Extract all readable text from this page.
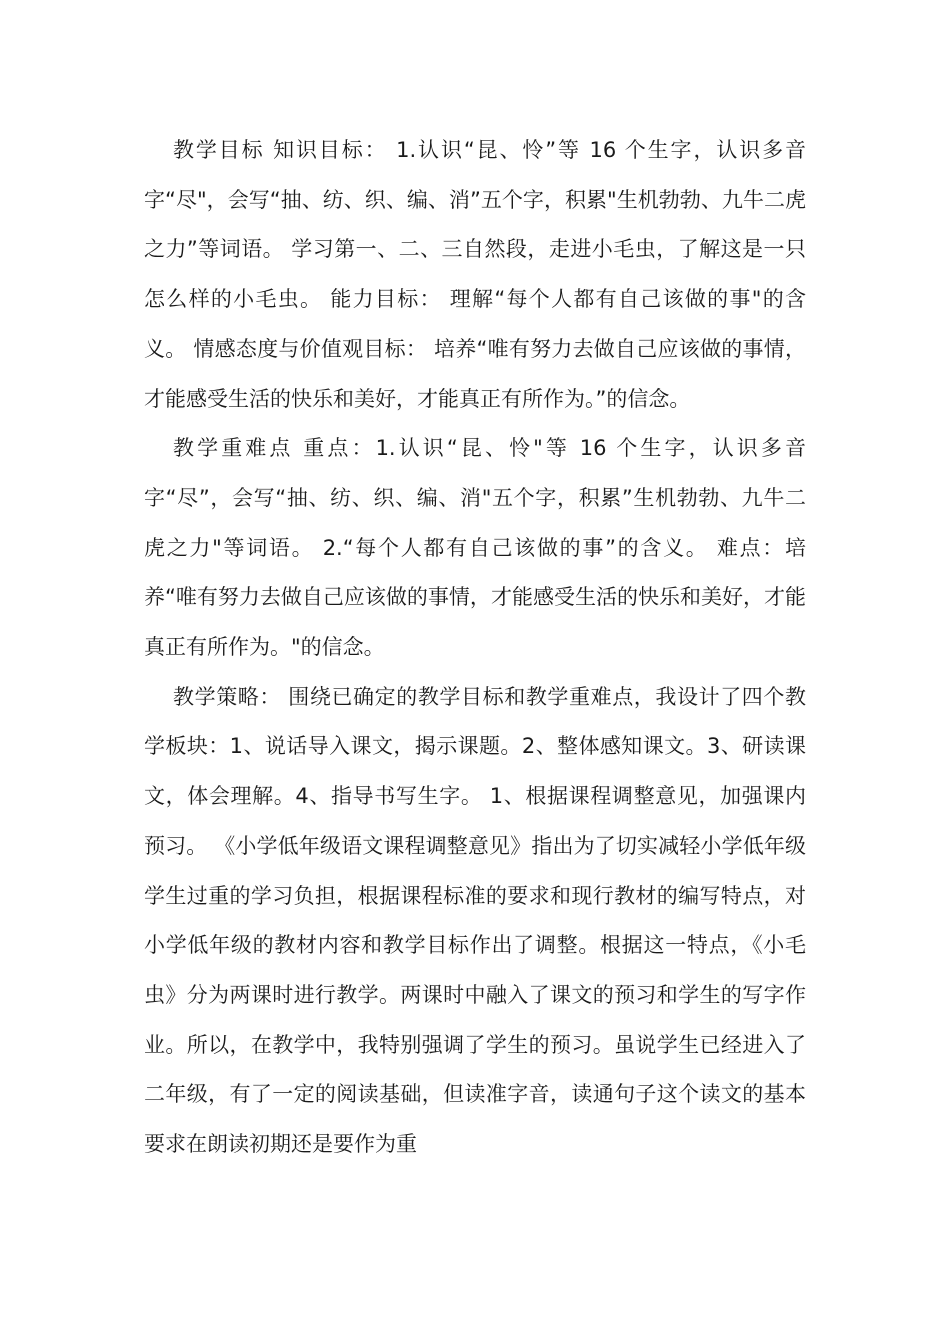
教学目标 知识目标： 1.认识“昆、怜”等 16 个生字，认识多音字“尽"，会写“抽、纺、织、编、消”五个字，积累"生机勃勃、九牛二虎之力”等词语。 学习第一、二、三自然段，走进小毛虫，了解这是一只怎么样的小毛虫。 能力目标： 理解“每个人都有自己该做的事"的含义。 情感态度与价值观目标： 培养“唯有努力去做自己应该做的事情，才能感受生活的快乐和美好，才能真正有所作为。”的信念。

教学重难点 重点：1.认识“昆、怜"等 16 个生字，认识多音字“尽”，会写“抽、纺、织、编、消"五个字，积累”生机勃勃、九牛二虎之力"等词语。 2.“每个人都有自己该做的事”的含义。 难点：培养“唯有努力去做自己应该做的事情，才能感受生活的快乐和美好，才能真正有所作为。"的信念。

教学策略： 围绕已确定的教学目标和教学重难点，我设计了四个教学板块：1、说话导入课文，揭示课题。2、整体感知课文。3、研读课文，体会理解。4、指导书写生字。 1、根据课程调整意见，加强课内预习。 《小学低年级语文课程调整意见》指出为了切实减轻小学低年级学生过重的学习负担，根据课程标准的要求和现行教材的编写特点，对小学低年级的教材内容和教学目标作出了调整。根据这一特点，《小毛虫》分为两课时进行教学。两课时中融入了课文的预习和学生的写字作业。所以，在教学中，我特别强调了学生的预习。虽说学生已经进入了二年级，有了一定的阅读基础，但读准字音，读通句子这个读文的基本要求在朗读初期还是要作为重
